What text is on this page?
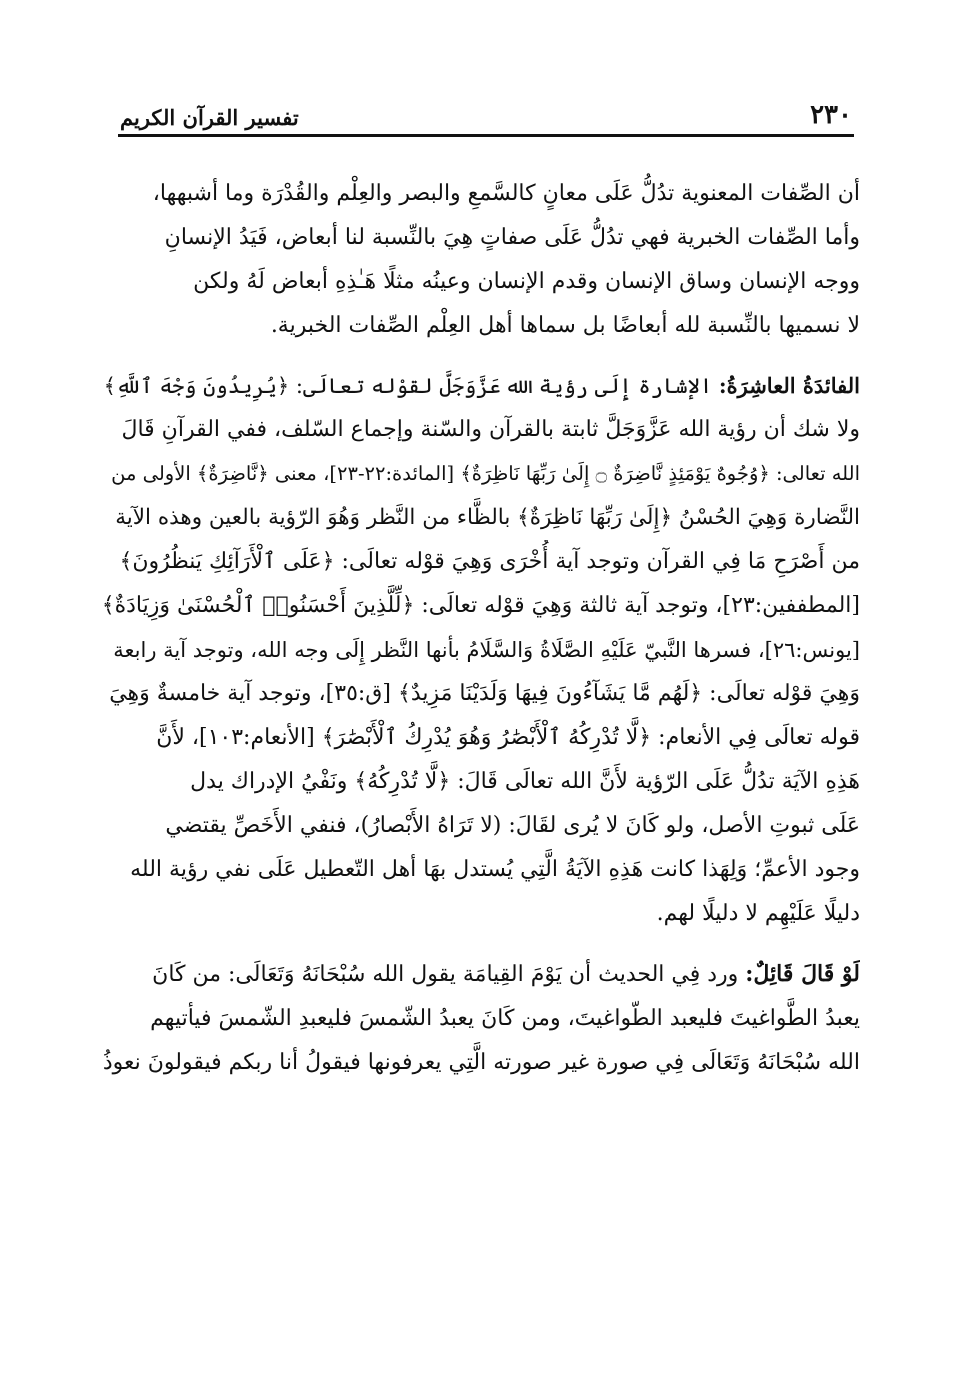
٢٣٠
تفسير القرآن الكريم

أن الصِّفات المعنوية تدُلُّ عَلَى معانٍ كالسَّمعِ والبصر والعِلْم والقُدْرَة وما أشبهها،
وأما الصِّفات الخبرية فهي تدُلُّ عَلَى صفاتٍ هِيَ بالنِّسبة لنا أبعاض، فَيَدُ الإنسانِ
ووجه الإنسان وساق الإنسان وقدم الإنسان وعينُه مثلًا هَـٰذِهِ أبعاض لَهُ ولكن
لا نسميها بالنِّسبة لله أبعاضًا بل سماها أهل العِلْم الصِّفات الخبرية.

الفائدَةُ العاشِرَةُ: الإشارة إِلَى رؤية الله عَزَّوَجَلَّ لقوْله تعالَى: ﴿يُرِيدُونَ وَجْهَ ٱللَّهِ﴾
ولا شك أن رؤية الله عَزَّوَجَلَّ ثابتة بالقرآن والسّنة وإجماع السّلف، ففي القرآنِ قَالَ
الله تعالى: ﴿وُجُوهٌ يَوْمَئِذٍ نَّاضِرَةٌ ۝ إِلَىٰ رَبِّهَا نَاظِرَةٌ﴾ [المائدة:٢٢-٢٣]، معنى ﴿نَّاضِرَةٌ﴾ الأولى من
النَّضارة وَهِيَ الحُسْنُ ﴿إِلَىٰ رَبِّهَا نَاظِرَةٌ﴾ بالظَّاء من النَّظر وَهُوَ الرّؤية بالعين وهذه الآية
من أَصْرَحِ مَا فِي القرآن وتوجد آية أُخْرَى وَهِيَ قوْله تعالَى: ﴿عَلَى ٱلْأَرَآئِكِ يَنظُرُونَ﴾
[المطففين:٢٣]، وتوجد آية ثالثة وَهِيَ قوْله تعالَى: ﴿لِّلَّذِينَ أَحْسَنُوا۟ ٱلْحُسْنَىٰ وَزِيَادَةٌ﴾
[يونس:٢٦]، فسرها النَّبيّ عَلَيْهِ الصَّلَاةُ وَالسَّلَامُ بأنها النَّظر إِلَى وجه الله، وتوجد آية رابعة
وَهِيَ قوْله تعالَى: ﴿لَهُم مَّا يَشَآءُونَ فِيهَا وَلَدَيْنَا مَزِيدٌ﴾ [ق:٣٥]، وتوجد آية خامسةٌ وَهِيَ
قوله تعالَى فِي الأنعام: ﴿لَّا تُدْرِكُهُ ٱلْأَبْصَٰرُ وَهُوَ يُدْرِكُ ٱلْأَبْصَٰرَ﴾ [الأنعام:١٠٣]، لأَنَّ
هَذِهِ الآيَة تدُلُّ عَلَى الرّؤية لأَنَّ الله تعالَى قَالَ: ﴿لَّا تُدْرِكُهُ﴾ ونَفْيُ الإدراك يدل
عَلَى ثبوتِ الأصل، ولو كَانَ لا يُرى لقَالَ: (لا تَرَاهُ الأَبْصارُ)، فنفي الأَخَصِّ يقتضي
وجود الأعمِّ؛ وَلِهَذا كانت هَذِهِ الآيَةُ الَّتِي يُستدل بهَا أهل التّعطيل عَلَى نفي رؤية الله
دليلًا عَلَيْهِم لا دليلًا لهم.

لَوْ قَالَ قَائِلٌ: ورد فِي الحديث أن يَوْمَ القِيامَة يقول الله سُبْحَانَهُ وَتَعَالَى: من كَانَ
يعبدُ الطَّواغيتَ فليعبد الطّواغيتَ، ومن كَانَ يعبدُ الشّمسَ فليعبدِ الشّمسَ فيأتيهم
الله سُبْحَانَهُ وَتَعَالَى فِي صورة غير صورته الَّتِي يعرفونها فيقولُ أنا ربكم فيقولونَ نعوذُ
